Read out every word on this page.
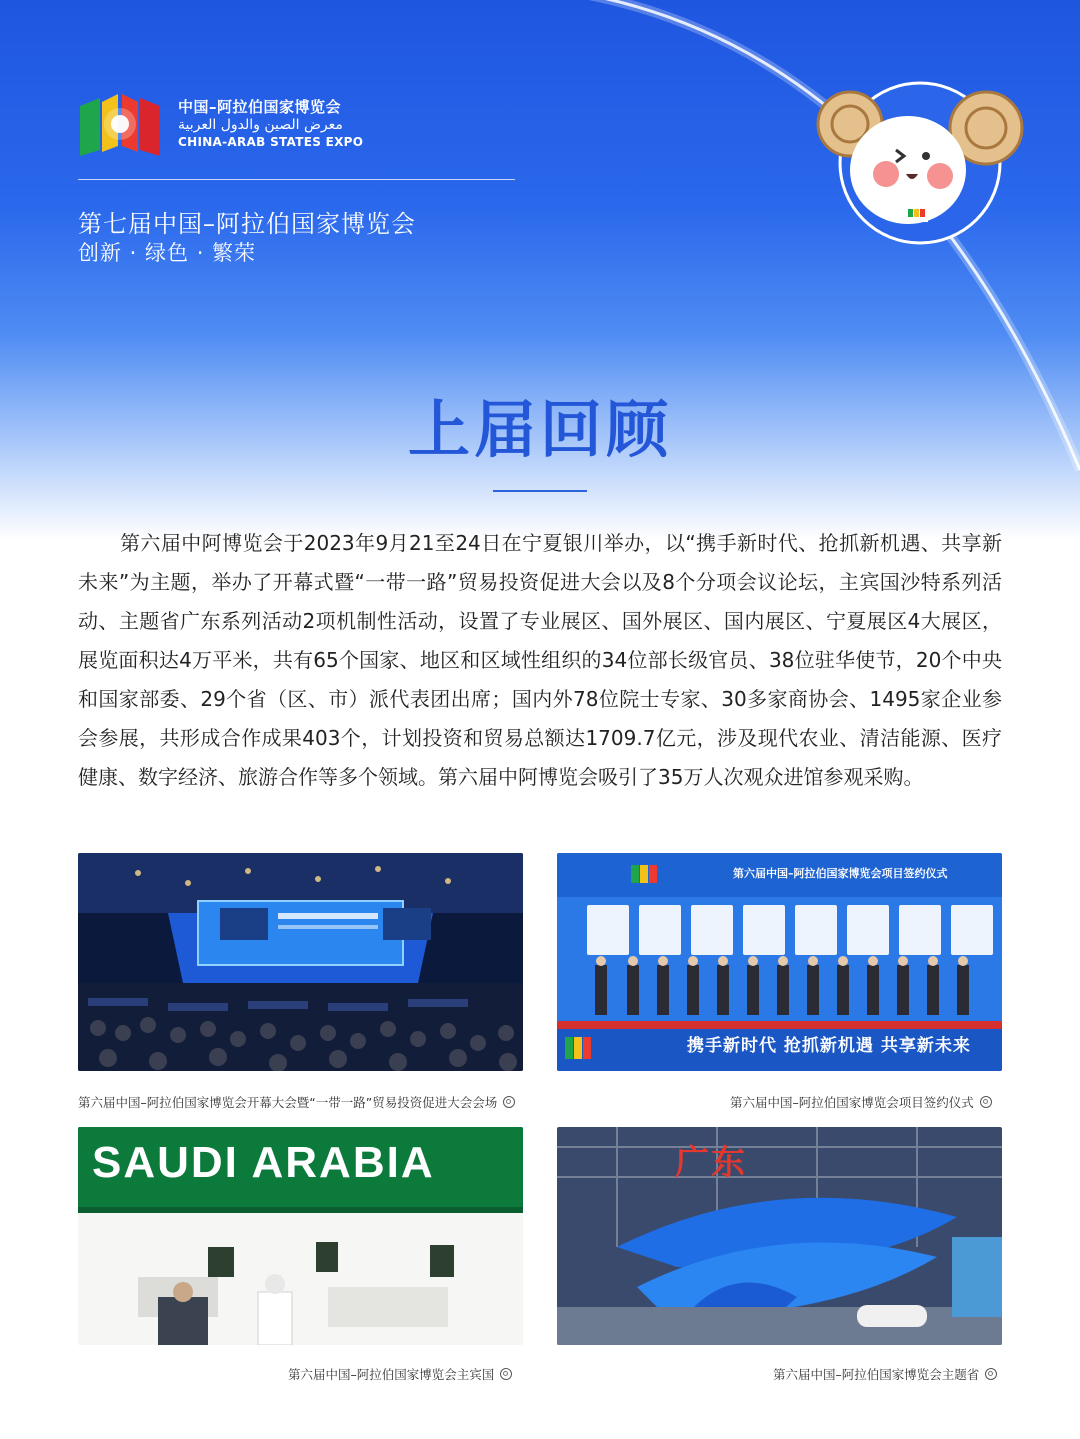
中国–阿拉伯国家博览会
معرض الصين والدول العربية
CHINA-ARAB STATES EXPO
第七届中国–阿拉伯国家博览会
创新 · 绿色 · 繁荣
上届回顾

第六届中阿博览会于2023年9月21至24日在宁夏银川举办，以“携手新时代、抢抓新机遇、共享新未来”为主题，举办了开幕式暨“一带一路”贸易投资促进大会以及8个分项会议论坛，主宾国沙特系列活动、主题省广东系列活动2项机制性活动，设置了专业展区、国外展区、国内展区、宁夏展区4大展区，展览面积达4万平米，共有65个国家、地区和区域性组织的34位部长级官员、38位驻华使节，20个中央和国家部委、29个省（区、市）派代表团出席；国内外78位院士专家、30多家商协会、1495家企业参会参展，共形成合作成果403个，计划投资和贸易总额达1709.7亿元，涉及现代农业、清洁能源、医疗健康、数字经济、旅游合作等多个领域。第六届中阿博览会吸引了35万人次观众进馆参观采购。

第六届中国–阿拉伯国家博览会开幕大会暨“一带一路”贸易投资促进大会会场
第六届中国–阿拉伯国家博览会项目签约仪式
携手新时代 抢抓新机遇 共享新未来
第六届中国–阿拉伯国家博览会项目签约仪式
SAUDI ARABIA
第六届中国–阿拉伯国家博览会主宾国
广东
第六届中国–阿拉伯国家博览会主题省
